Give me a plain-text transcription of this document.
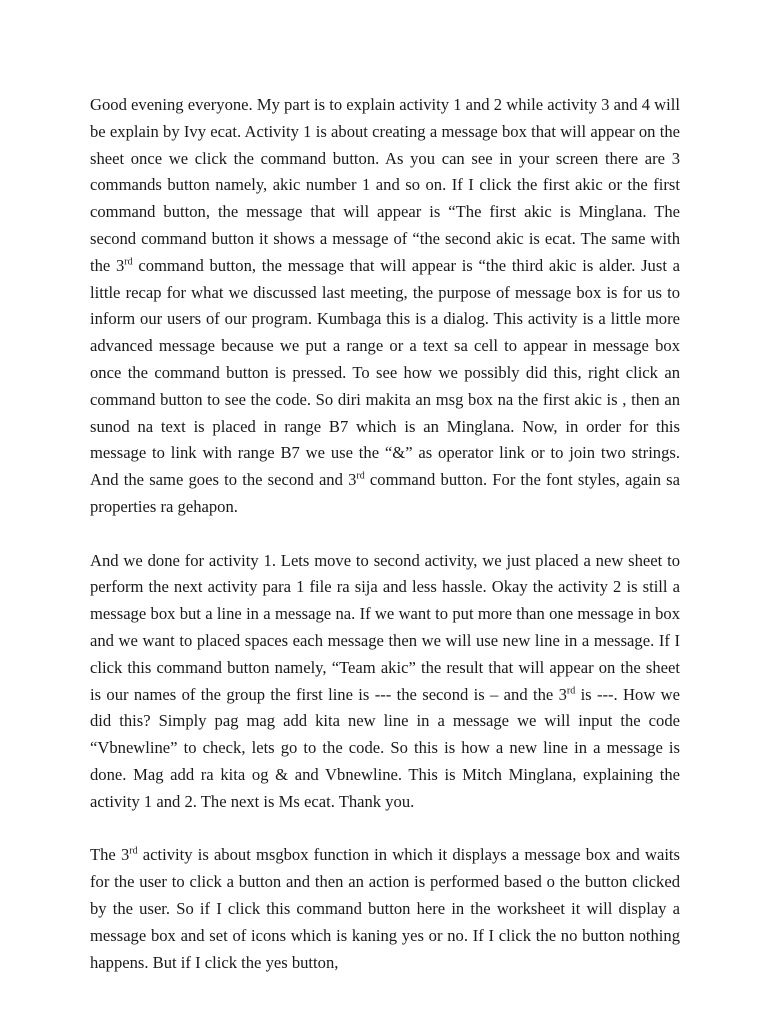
Good evening everyone. My part is to explain activity 1 and 2 while activity 3 and 4 will be explain by Ivy ecat. Activity 1 is about creating a message box that will appear on the sheet once we click the command button. As you can see in your screen there are 3 commands button namely, akic number 1 and so on. If I click the first akic or the first command button, the message that will appear is “The first akic is Minglana. The second command button it shows a message of “the second akic is ecat. The same with the 3rd command button, the message that will appear is “the third akic is alder. Just a little recap for what we discussed last meeting, the purpose of message box is for us to inform our users of our program. Kumbaga this is a dialog. This activity is a little more advanced message because we put a range or a text sa cell to appear in message box once the command button is pressed. To see how we possibly did this, right click an command button to see the code. So diri makita an msg box na the first akic is , then an sunod na text is placed in range B7 which is an Minglana. Now, in order for this message to link with range B7 we use the “&” as operator link or to join two strings. And the same goes to the second and 3rd command button. For the font styles, again sa properties ra gehapon.

And we done for activity 1. Lets move to second activity, we just placed a new sheet to perform the next activity para 1 file ra sija and less hassle. Okay the activity 2 is still a message box but a line in a message na. If we want to put more than one message in box and we want to placed spaces each message then we will use new line in a message. If I click this command button namely, “Team akic” the result that will appear on the sheet is our names of the group the first line is --- the second is – and the 3rd is ---. How we did this? Simply pag mag add kita new line in a message we will input the code “Vbnewline” to check, lets go to the code. So this is how a new line in a message is done. Mag add ra kita og & and Vbnewline. This is Mitch Minglana, explaining the activity 1 and 2. The next is Ms ecat. Thank you.

The 3rd activity is about msgbox function in which it displays a message box and waits for the user to click a button and then an action is performed based o the button clicked by the user. So if I click this command button here in the worksheet it will display a message box and set of icons which is kaning yes or no. If I click the no button nothing happens. But if I click the yes button,
